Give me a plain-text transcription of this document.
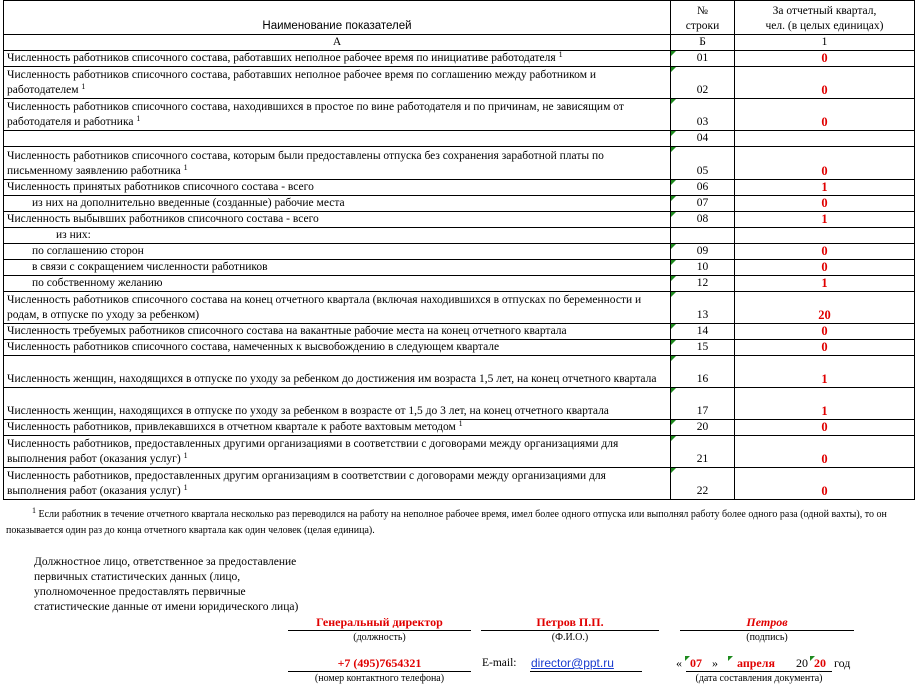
Наименование показателей	№ строки	За отчетный квартал, чел. (в целых единицах)
А	Б	1
Численность работников списочного состава, работавших неполное рабочее время по инициативе работодателя $^1$	01	0
Численность работников списочного состава, работавших неполное рабочее время по соглашению между работником и работодателем $^1$	02	0
Численность работников списочного состава, находившихся в простое по вине работодателя и по причинам, не зависящим от работодателя и работника $^1$	03	0
	04

Численность работников списочного состава, которым были предоставлены отпуска без сохранения заработной платы по письменному заявлению работника $^1$	05	0
Численность принятых работников списочного состава - всего	06	1
из них на дополнительно введенные (созданные) рабочие места	07	0
Численность выбывших работников списочного состава - всего	08	1
из них:		
по соглашению сторон	09	0
в связи с сокращением численности работников	10	0
по собственному желанию	12	1
Численность работников списочного состава на конец отчетного квартала (включая находившихся в отпусках по беременности и родам, в отпуске по уходу за ребенком)	13	20
Численность требуемых работников списочного состава на вакантные рабочие места на конец отчетного квартала	14	0
Численность работников списочного состава, намеченных к высвобождению в следующем квартале	15	0
Численность женщин, находящихся в отпуске по уходу за ребенком до достижения им возраста 1,5 лет, на конец отчетного квартала	16	1
Численность женщин, находящихся в отпуске по уходу за ребенком в возрасте от 1,5 до 3 лет, на конец отчетного квартала	17	1
Численность работников, привлекавшихся в отчетном квартале к работе вахтовым методом $^1$	20	0
Численность работников, предоставленных другими организациями в соответствии с договорами между организациями для выполнения работ (оказания услуг) $^1$	21	0
Численность работников, предоставленных другим организациям в соответствии с договорами между организациями для выполнения работ (оказания услуг) $^1$	22	0
$^1$ Если работник в течение отчетного квартала несколько раз переводился на работу на неполное рабочее время, имел более одного отпуска или выполнял работу более одного раза (одной вахты), то он показывается один раз до конца отчетного квартала как один человек (целая единица).
Должностное лицо, ответственное за предоставление первичных статистических данных (лицо, уполномоченное предоставлять первичные статистические данные от имени юридического лица)
Генеральный директор
(должность)
Петров П.П.
(Ф.И.О.)
Петров
(подпись)
+7 (495)7654321
(номер контактного телефона)
E-mail: director@ppt.ru	« 07 » апреля 20 20 год
(дата составления документа)
